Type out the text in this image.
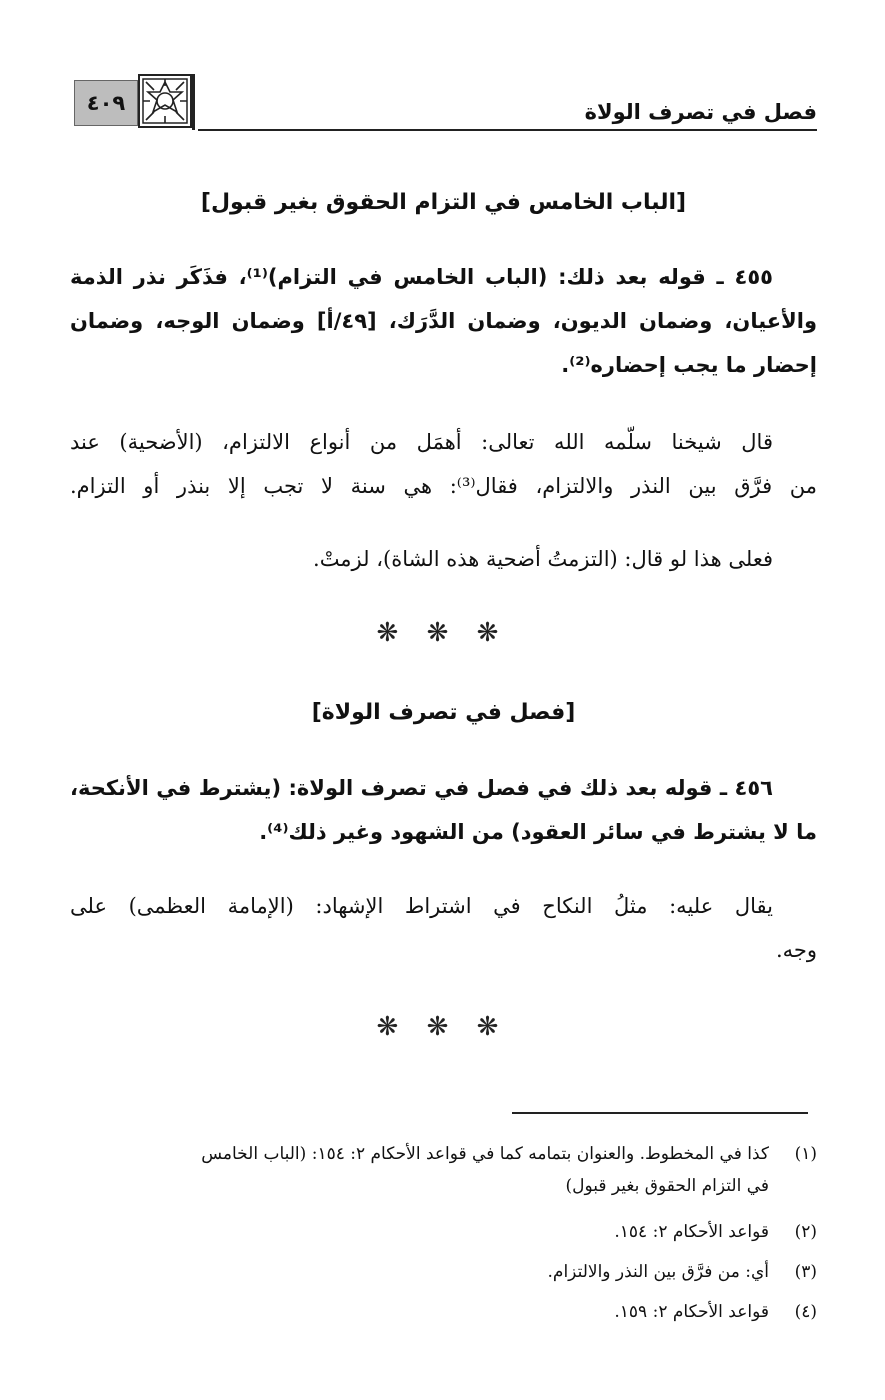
فصل في تصرف الولاة
٤٠٩
[الباب الخامس في التزام الحقوق بغير قبول]
٤٥٥ ـ قوله بعد ذلك: (الباب الخامس في التزام)⁽¹⁾، فذَكَر نذر الذمة
والأعيان، وضمان الديون، وضمان الدَّرَك، [٤٩/أ] وضمان الوجه، وضمان
إحضار ما يجب إحضاره⁽²⁾.
قال شيخنا سلّمه الله تعالى: أهمَل من أنواع الالتزام، (الأضحية) عند
من فرَّق بين النذر والالتزام، فقال⁽³⁾: هي سنة لا تجب إلا بنذر أو التزام.
فعلى هذا لو قال: (التزمتُ أضحية هذه الشاة)، لزمتْ.
❋ ❋ ❋
[فصل في تصرف الولاة]
٤٥٦ ـ قوله بعد ذلك في فصل في تصرف الولاة: (يشترط في الأنكحة،
ما لا يشترط في سائر العقود) من الشهود وغير ذلك⁽⁴⁾.
يقال عليه: مثلُ النكاح في اشتراط الإشهاد: (الإمامة العظمى) على
وجه.
❋ ❋ ❋
(١)كذا في المخطوط. والعنوان بتمامه كما في قواعد الأحكام ٢: ١٥٤: (الباب الخامس
في التزام الحقوق بغير قبول)
(٢)قواعد الأحكام ٢: ١٥٤.
(٣)أي: من فرَّق بين النذر والالتزام.
(٤)قواعد الأحكام ٢: ١٥٩.
